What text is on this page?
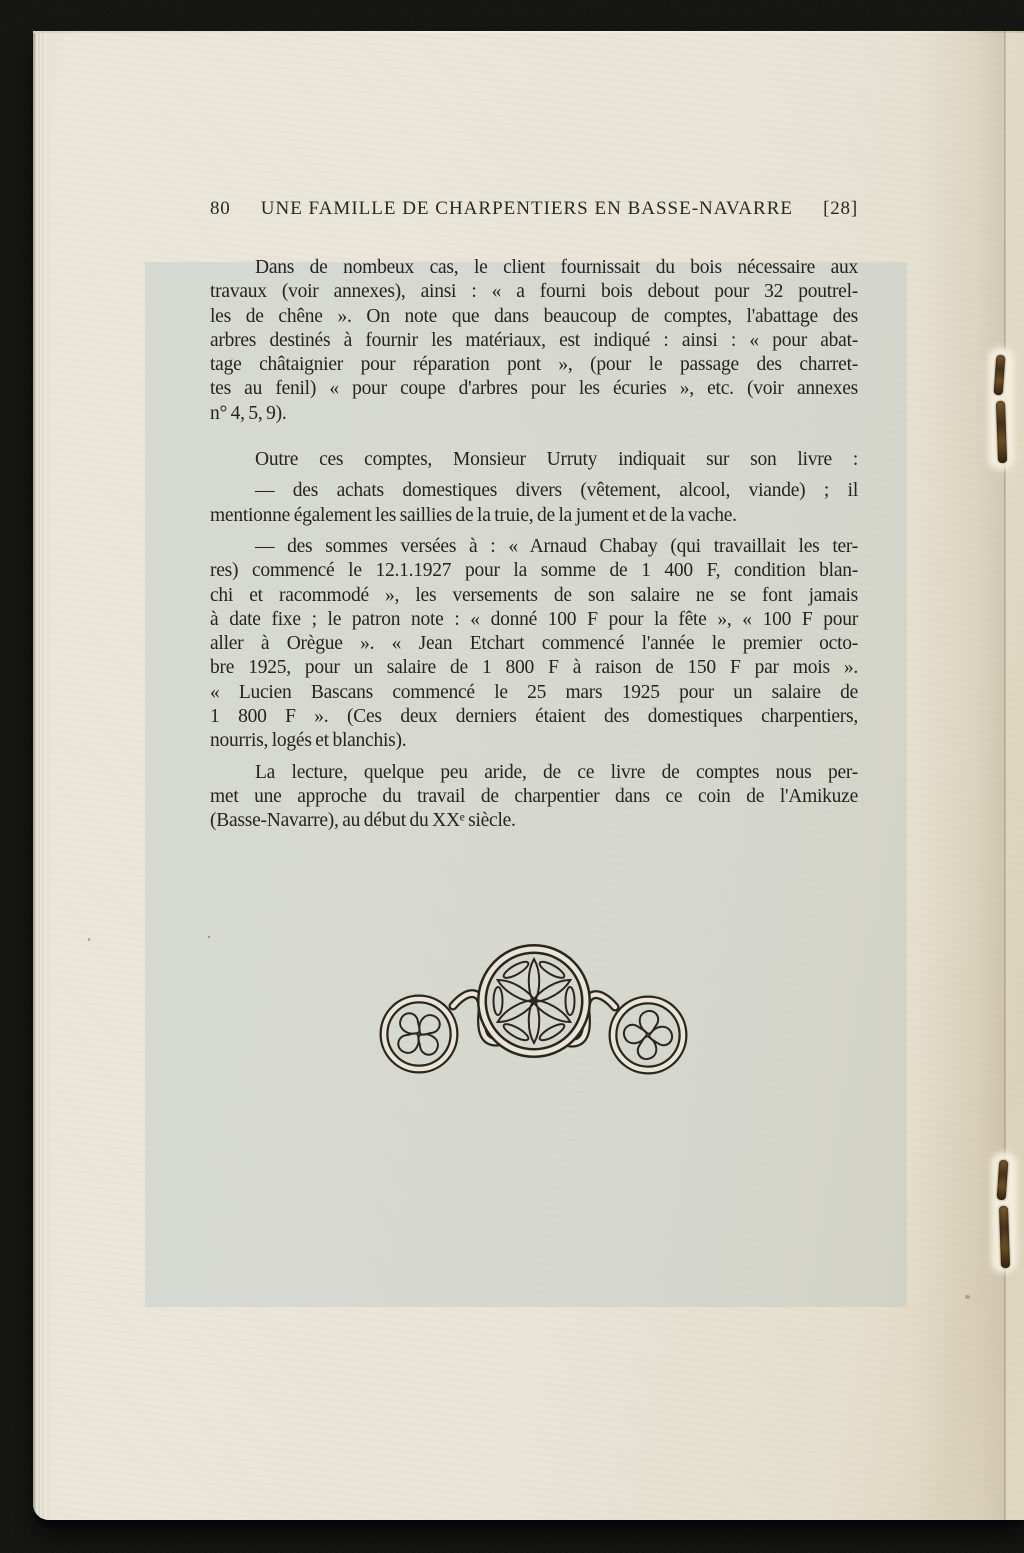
80 UNE FAMILLE DE CHARPENTIERS EN BASSE-NAVARRE [28]
Dans de nombeux cas, le client fournissait du bois nécessaire aux
travaux (voir annexes), ainsi : « a fourni bois debout pour 32 poutrel-
les de chêne ». On note que dans beaucoup de comptes, l'abattage des
arbres destinés à fournir les matériaux, est indiqué : ainsi : « pour abat-
tage châtaignier pour réparation pont », (pour le passage des charret-
tes au fenil) « pour coupe d'arbres pour les écuries », etc. (voir annexes
n° 4, 5, 9).
Outre ces comptes, Monsieur Urruty indiquait sur son livre :
— des achats domestiques divers (vêtement, alcool, viande) ; il
mentionne également les saillies de la truie, de la jument et de la vache.
— des sommes versées à : « Arnaud Chabay (qui travaillait les ter-
res) commencé le 12.1.1927 pour la somme de 1 400 F, condition blan-
chi et racommodé », les versements de son salaire ne se font jamais
à date fixe ; le patron note : « donné 100 F pour la fête », « 100 F pour
aller à Orègue ». « Jean Etchart commencé l'année le premier octo-
bre 1925, pour un salaire de 1 800 F à raison de 150 F par mois ».
« Lucien Bascans commencé le 25 mars 1925 pour un salaire de
1 800 F ». (Ces deux derniers étaient des domestiques charpentiers,
nourris, logés et blanchis).
La lecture, quelque peu aride, de ce livre de comptes nous per-
met une approche du travail de charpentier dans ce coin de l'Amikuze
(Basse-Navarre), au début du XXᵉ siècle.
